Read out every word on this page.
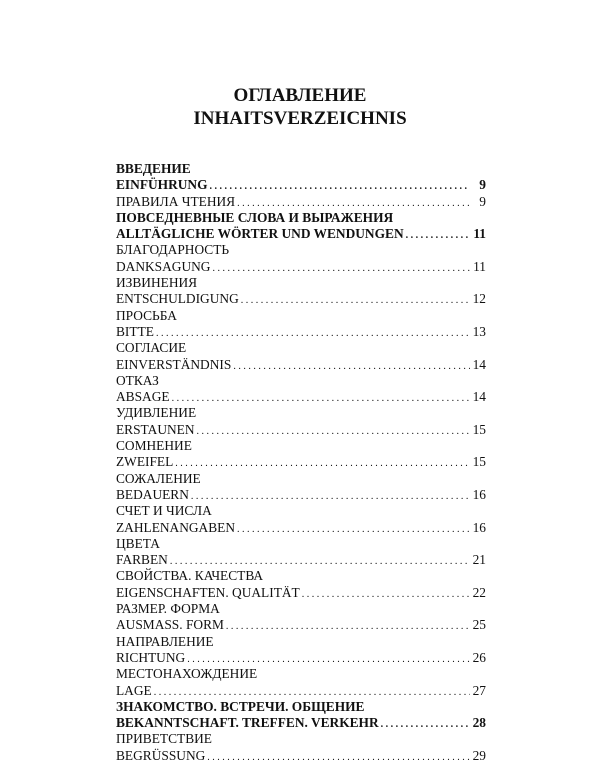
ОГЛАВЛЕНИЕ
INHAITSVERZEICHNIS
ВВЕДЕНИЕ
EINFÜHRUNG . . .	9
ПРАВИЛА ЧТЕНИЯ . . .	9
ПОВСЕДНЕВНЫЕ СЛОВА И ВЫРАЖЕНИЯ
ALLTÄGLICHE WÖRTER UND WENDUNGEN . . .	11
БЛАГОДАРНОСТЬ
DANKSAGUNG . . .	11
ИЗВИНЕНИЯ
ENTSCHULDIGUNG . . .	12
ПРОСЬБА
BITTE . . .	13
СОГЛАСИЕ
EINVERSTÄNDNIS . . .	14
ОТКАЗ
ABSAGE . . .	14
УДИВЛЕНИЕ
ERSTAUNEN . . .	15
СОМНЕНИЕ
ZWEIFEL . . .	15
СОЖАЛЕНИЕ
BEDAUERN . . .	16
СЧЕТ И ЧИСЛА
ZAHLENANGABEN . . .	16
ЦВЕТА
FARBEN . . .	21
СВОЙСТВА. КАЧЕСТВА
EIGENSCHAFTEN. QUALITÄT . . .	22
РАЗМЕР. ФОРМА
AUSMASS. FORM . . .	25
НАПРАВЛЕНИЕ
RICHTUNG . . .	26
МЕСТОНАХОЖДЕНИЕ
LAGE . . .	27
ЗНАКОМСТВО. ВСТРЕЧИ. ОБЩЕНИЕ
BEKANNTSCHAFT. TREFFEN. VERKEHR . . .	28
ПРИВЕТСТВИЕ
BEGRÜSSUNG . . .	29
